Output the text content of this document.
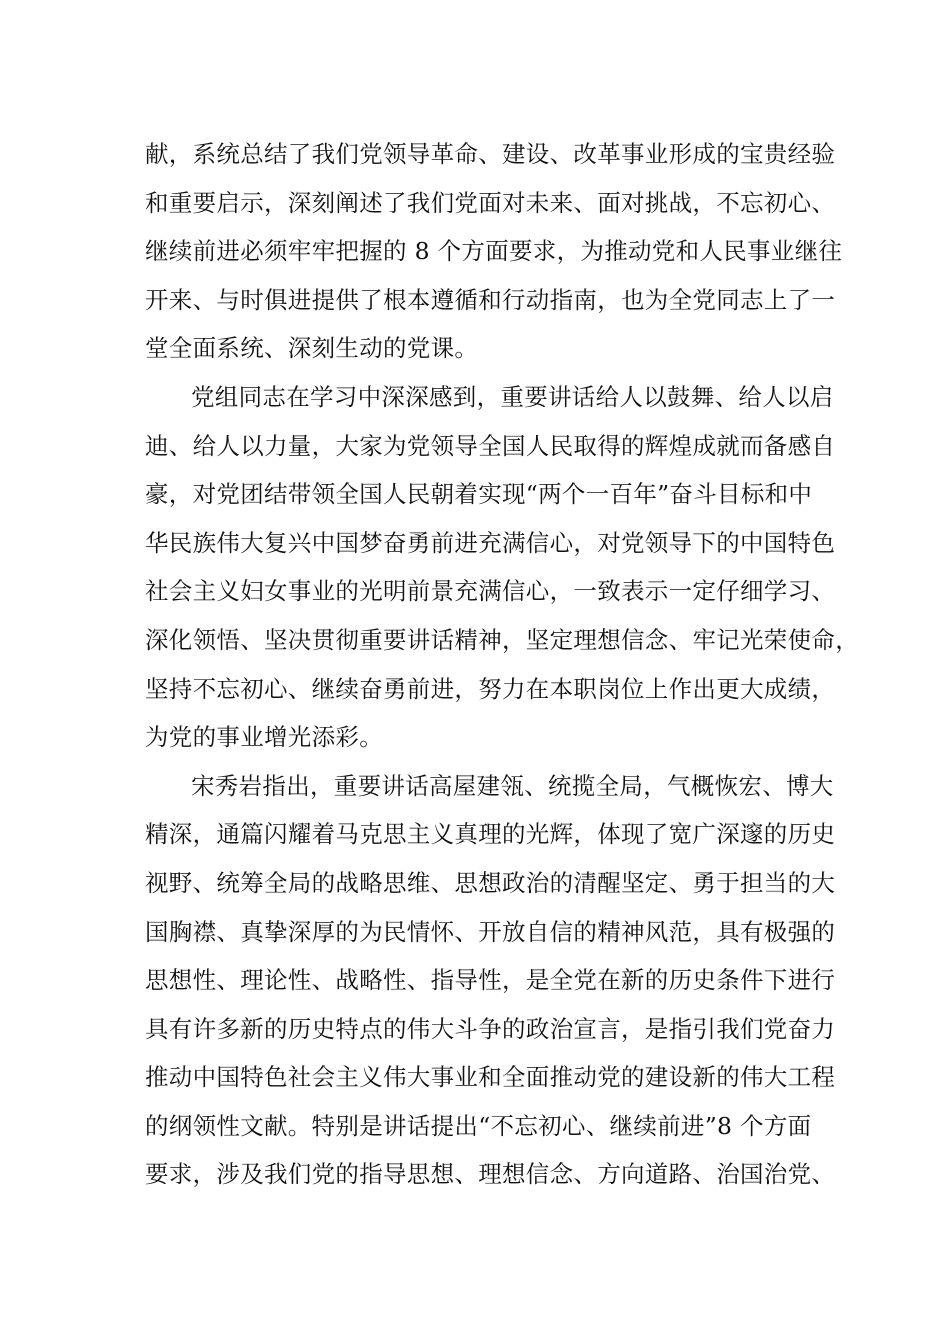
献，系统总结了我们党领导革命、建设、改革事业形成的宝贵经验
和重要启示，深刻阐述了我们党面对未来、面对挑战，不忘初心、
继续前进必须牢牢把握的 8 个方面要求，为推动党和人民事业继往
开来、与时俱进提供了根本遵循和行动指南，也为全党同志上了一
堂全面系统、深刻生动的党课。
党组同志在学习中深深感到，重要讲话给人以鼓舞、给人以启
迪、给人以力量，大家为党领导全国人民取得的辉煌成就而备感自
豪，对党团结带领全国人民朝着实现“两个一百年”奋斗目标和中
华民族伟大复兴中国梦奋勇前进充满信心，对党领导下的中国特色
社会主义妇女事业的光明前景充满信心，一致表示一定仔细学习、
深化领悟、坚决贯彻重要讲话精神，坚定理想信念、牢记光荣使命，
坚持不忘初心、继续奋勇前进，努力在本职岗位上作出更大成绩，
为党的事业增光添彩。
宋秀岩指出，重要讲话高屋建瓴、统揽全局，气概恢宏、博大
精深，通篇闪耀着马克思主义真理的光辉，体现了宽广深邃的历史
视野、统筹全局的战略思维、思想政治的清醒坚定、勇于担当的大
国胸襟、真挚深厚的为民情怀、开放自信的精神风范，具有极强的
思想性、理论性、战略性、指导性，是全党在新的历史条件下进行
具有许多新的历史特点的伟大斗争的政治宣言，是指引我们党奋力
推动中国特色社会主义伟大事业和全面推动党的建设新的伟大工程
的纲领性文献。特别是讲话提出“不忘初心、继续前进”8 个方面
要求，涉及我们党的指导思想、理想信念、方向道路、治国治党、
